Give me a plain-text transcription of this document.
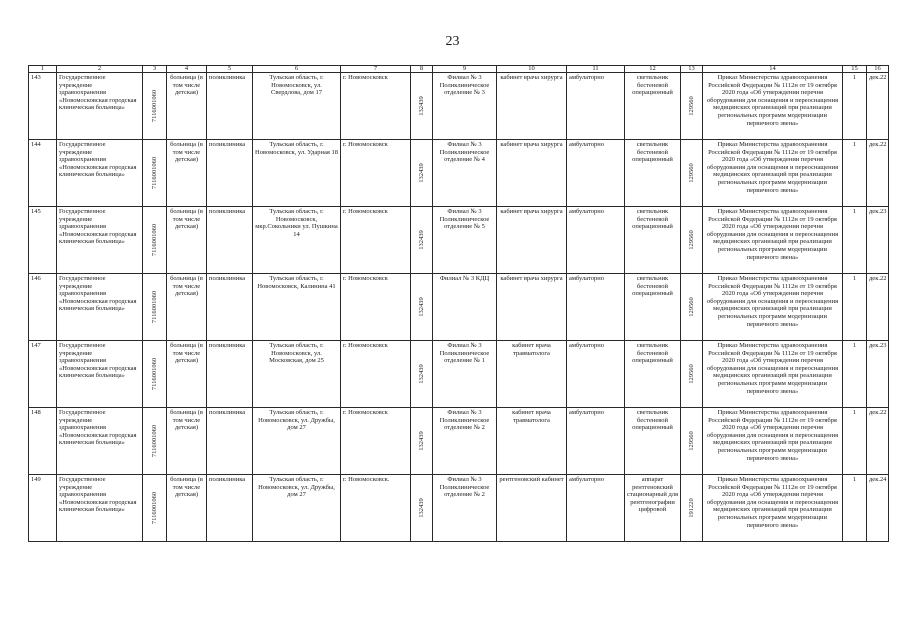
23
1	2	3	4	5	6	7	8	9	10	11	12	13	14	15	16
143	Государственное учреждение здравоохранения «Новомосковская городская клиническая больница»	7116001060	больница (в том числе детская)	поликлиника	Тульская область, г. Новомосковск, ул. Свердлова, дом 17	г. Новомосковск	132439	Филиал № 3 Поликлиническое отделение № 3	кабинет врача хирурга	амбулаторно	светильник бестеневой операционный	129560	Приказ Министерства здравоохранения Российской Федерации № 1112н от 19 октября 2020 года «Об утверждении перечня оборудования для оснащения и переоснащения медицинских организаций при реализации региональных программ модернизации первичного звена»	1	дек.22
144	Государственное учреждение здравоохранения «Новомосковская городская клиническая больница»	7116001060	больница (в том числе детская)	поликлиника	Тульская область, г. Новомосковск, ул. Ударная 18	г. Новомосковск	132439	Филиал № 3 Поликлиническое отделение № 4	кабинет врача хирурга	амбулаторно	светильник бестеневой операционный	129560	Приказ Министерства здравоохранения Российской Федерации № 1112н от 19 октября 2020 года «Об утверждении перечня оборудования для оснащения и переоснащения медицинских организаций при реализации региональных программ модернизации первичного звена»	1	дек.22
145	Государственное учреждение здравоохранения «Новомосковская городская клиническая больница»	7116001060	больница (в том числе детская)	поликлиника	Тульская область, г. Новомосковск, мкр.Сокольники ул. Пушкина 14	г. Новомосковск	132439	Филиал № 3 Поликлиническое отделение № 5	кабинет врача хирурга	амбулаторно	светильник бестеневой операционный	129560	Приказ Министерства здравоохранения Российской Федерации № 1112н от 19 октября 2020 года «Об утверждении перечня оборудования для оснащения и переоснащения медицинских организаций при реализации региональных программ модернизации первичного звена»	1	дек.23
146	Государственное учреждение здравоохранения «Новомосковская городская клиническая больница»	7116001060	больница (в том числе детская)	поликлиника	Тульская область, г. Новомосковск, Калинина 41	г. Новомосковск	132439	Филиал № 3 КДЦ	кабинет врача хирурга	амбулаторно	светильник бестеневой операционный	129560	Приказ Министерства здравоохранения Российской Федерации № 1112н от 19 октября 2020 года «Об утверждении перечня оборудования для оснащения и переоснащения медицинских организаций при реализации региональных программ модернизации первичного звена»	1	дек.22
147	Государственное учреждение здравоохранения «Новомосковская городская клиническая больница»	7116001060	больница (в том числе детская)	поликлиника	Тульская область, г. Новомосковск, ул. Московская, дом 25	г. Новомосковск	132439	Филиал № 3 Поликлиническое отделение № 1	кабинет врача травматолога	амбулаторно	светильник бестеневой операционный	129560	Приказ Министерства здравоохранения Российской Федерации № 1112н от 19 октября 2020 года «Об утверждении перечня оборудования для оснащения и переоснащения медицинских организаций при реализации региональных программ модернизации первичного звена»	1	дек.23
148	Государственное учреждение здравоохранения «Новомосковская городская клиническая больница»	7116001060	больница (в том числе детская)	поликлиника	Тульская область, г. Новомосковск, ул. Дружбы, дом 27	г. Новомосковск	132439	Филиал № 3 Поликлиническое отделение № 2	кабинет врача травматолога	амбулаторно	светильник бестеневой операционный	129560	Приказ Министерства здравоохранения Российской Федерации № 1112н от 19 октября 2020 года «Об утверждении перечня оборудования для оснащения и переоснащения медицинских организаций при реализации региональных программ модернизации первичного звена»	1	дек.22
149	Государственное учреждение здравоохранения «Новомосковская городская клиническая больница»	7116001060	больница (в том числе детская)	поликлиника	Тульская область, г. Новомосковск, ул. Дружбы, дом 27	г. Новомосковск.	132439	Филиал № 3 Поликлиническое отделение № 2	рентгеновский кабинет	амбулаторно	аппарат рентгеновский стационарный для рентгенографии цифровой	191220	Приказ Министерства здравоохранения Российской Федерации № 1112н от 19 октября 2020 года «Об утверждении перечня оборудования для оснащения и переоснащения медицинских организаций при реализации региональных программ модернизации первичного звена»	1	дек.24
